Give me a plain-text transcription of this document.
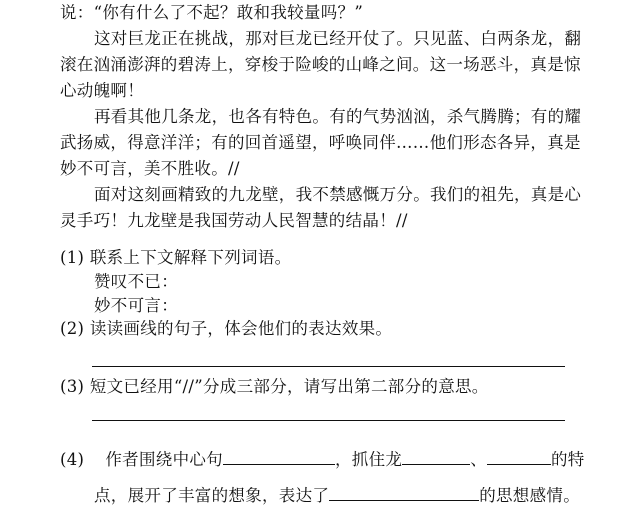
说：“你有什么了不起？敢和我较量吗？”
这对巨龙正在挑战，那对巨龙已经开仗了。只见蓝、白两条龙，翻
滚在汹涌澎湃的碧涛上，穿梭于险峻的山峰之间。这一场恶斗，真是惊
心动魄啊！
再看其他几条龙，也各有特色。有的气势汹汹，杀气腾腾；有的耀
武扬威，得意洋洋；有的回首遥望，呼唤同伴……他们形态各异，真是
妙不可言，美不胜收。//
面对这刻画精致的九龙壁，我不禁感慨万分。我们的祖先，真是心
灵手巧！九龙壁是我国劳动人民智慧的结晶！//
(1) 联系上下文解释下列词语。
赞叹不已：
妙不可言：
(2) 读读画线的句子，体会他们的表达效果。
(3) 短文已经用“//”分成三部分，请写出第二部分的意思。
(4) 作者围绕中心句	，抓住龙	、	的特
点，展开了丰富的想象，表达了	的思想感情。
